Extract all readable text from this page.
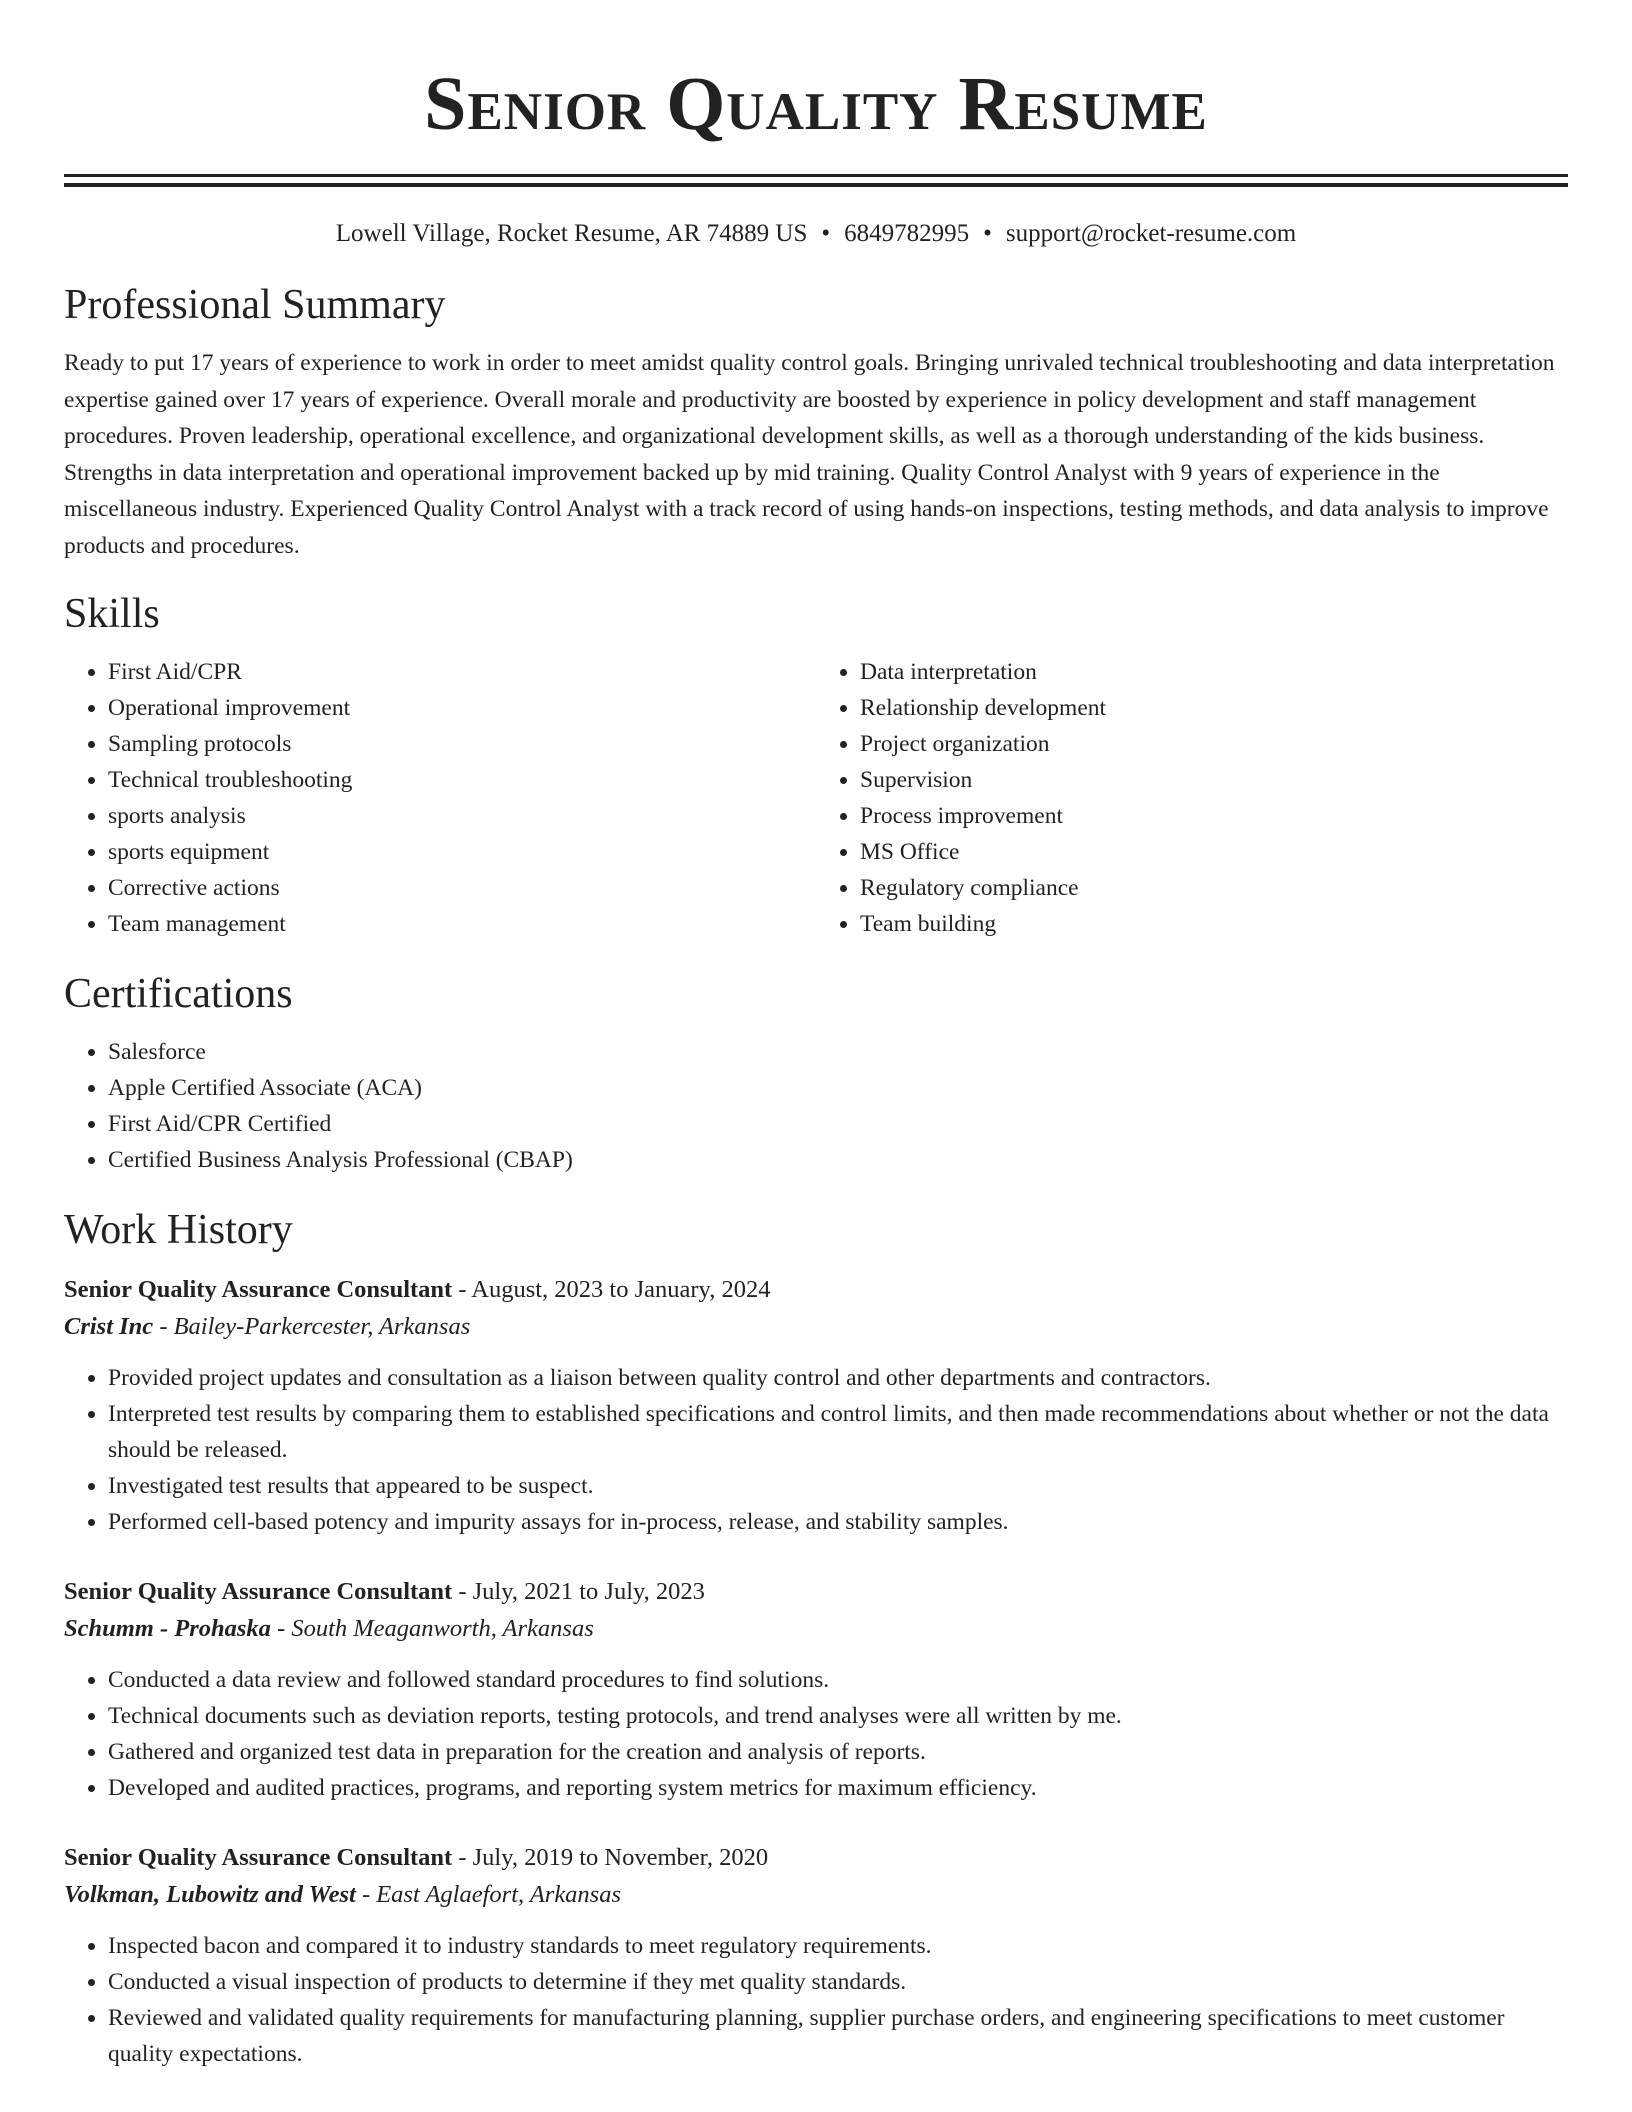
Senior Quality Resume
Lowell Village, Rocket Resume, AR 74889 US • 6849782995 • support@rocket-resume.com
Professional Summary

Ready to put 17 years of experience to work in order to meet amidst quality control goals. Bringing unrivaled technical troubleshooting and data interpretation expertise gained over 17 years of experience. Overall morale and productivity are boosted by experience in policy development and staff management procedures. Proven leadership, operational excellence, and organizational development skills, as well as a thorough understanding of the kids business. Strengths in data interpretation and operational improvement backed up by mid training. Quality Control Analyst with 9 years of experience in the miscellaneous industry. Experienced Quality Control Analyst with a track record of using hands-on inspections, testing methods, and data analysis to improve products and procedures.

Skills
• First Aid/CPR
• Operational improvement
• Sampling protocols
• Technical troubleshooting
• sports analysis
• sports equipment
• Corrective actions
• Team management
• Data interpretation
• Relationship development
• Project organization
• Supervision
• Process improvement
• MS Office
• Regulatory compliance
• Team building
Certifications
• Salesforce
• Apple Certified Associate (ACA)
• First Aid/CPR Certified
• Certified Business Analysis Professional (CBAP)
Work History
Senior Quality Assurance Consultant - August, 2023 to January, 2024
Crist Inc - Bailey-Parkercester, Arkansas
• Provided project updates and consultation as a liaison between quality control and other departments and contractors.
• Interpreted test results by comparing them to established specifications and control limits, and then made recommendations about whether or not the data should be released.
• Investigated test results that appeared to be suspect.
• Performed cell-based potency and impurity assays for in-process, release, and stability samples.
Senior Quality Assurance Consultant - July, 2021 to July, 2023
Schumm - Prohaska - South Meaganworth, Arkansas
• Conducted a data review and followed standard procedures to find solutions.
• Technical documents such as deviation reports, testing protocols, and trend analyses were all written by me.
• Gathered and organized test data in preparation for the creation and analysis of reports.
• Developed and audited practices, programs, and reporting system metrics for maximum efficiency.
Senior Quality Assurance Consultant - July, 2019 to November, 2020
Volkman, Lubowitz and West - East Aglaefort, Arkansas
• Inspected bacon and compared it to industry standards to meet regulatory requirements.
• Conducted a visual inspection of products to determine if they met quality standards.
• Reviewed and validated quality requirements for manufacturing planning, supplier purchase orders, and engineering specifications to meet customer quality expectations.
